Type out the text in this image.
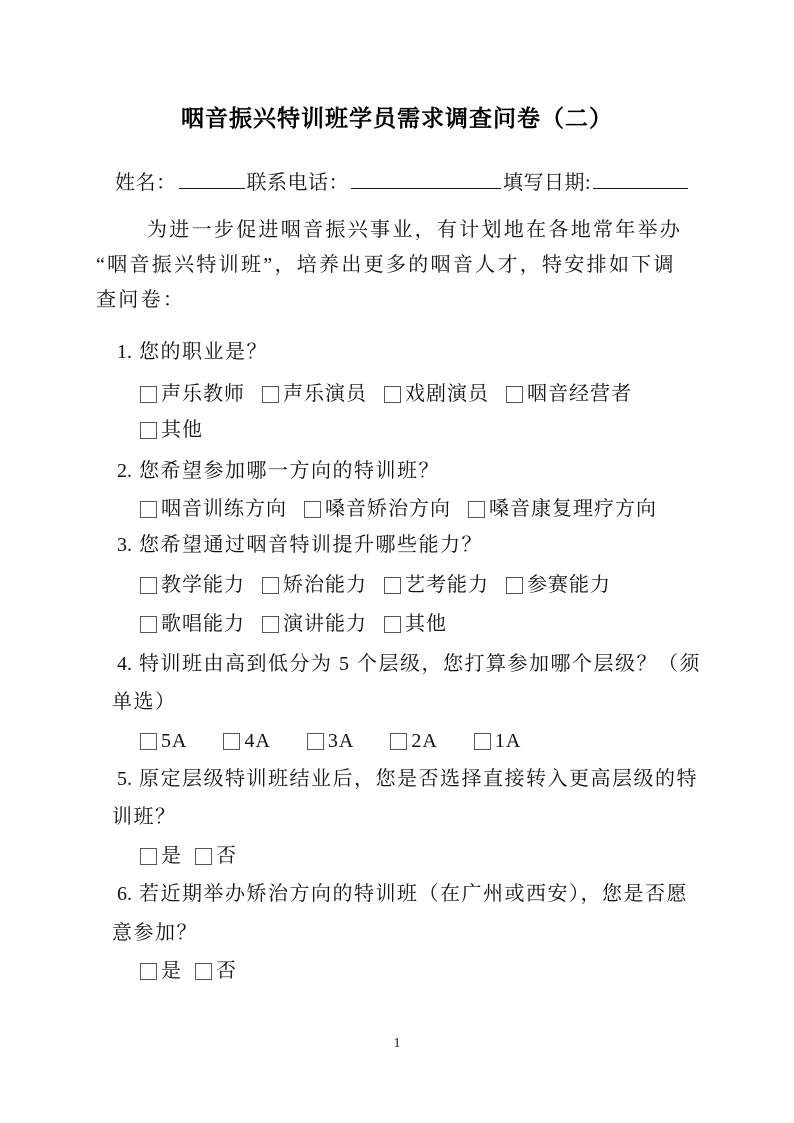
咽音振兴特训班学员需求调查问卷（二）
姓名：	联系电话：	填写日期:
为进一步促进咽音振兴事业，有计划地在各地常年举办
“咽音振兴特训班”，培养出更多的咽音人才，特安排如下调
查问卷：
1. 您的职业是？
声乐教师 声乐演员 戏剧演员 咽音经营者
其他
2. 您希望参加哪一方向的特训班？
咽音训练方向 嗓音矫治方向 嗓音康复理疗方向
3. 您希望通过咽音特训提升哪些能力？
教学能力 矫治能力 艺考能力 参赛能力
歌唱能力 演讲能力 其他
4. 特训班由高到低分为 5 个层级，您打算参加哪个层级？（须
单选）
5A	4A	3A	2A	1A
5. 原定层级特训班结业后，您是否选择直接转入更高层级的特
训班？
是 否
6. 若近期举办矫治方向的特训班（在广州或西安），您是否愿
意参加？
是 否
1
